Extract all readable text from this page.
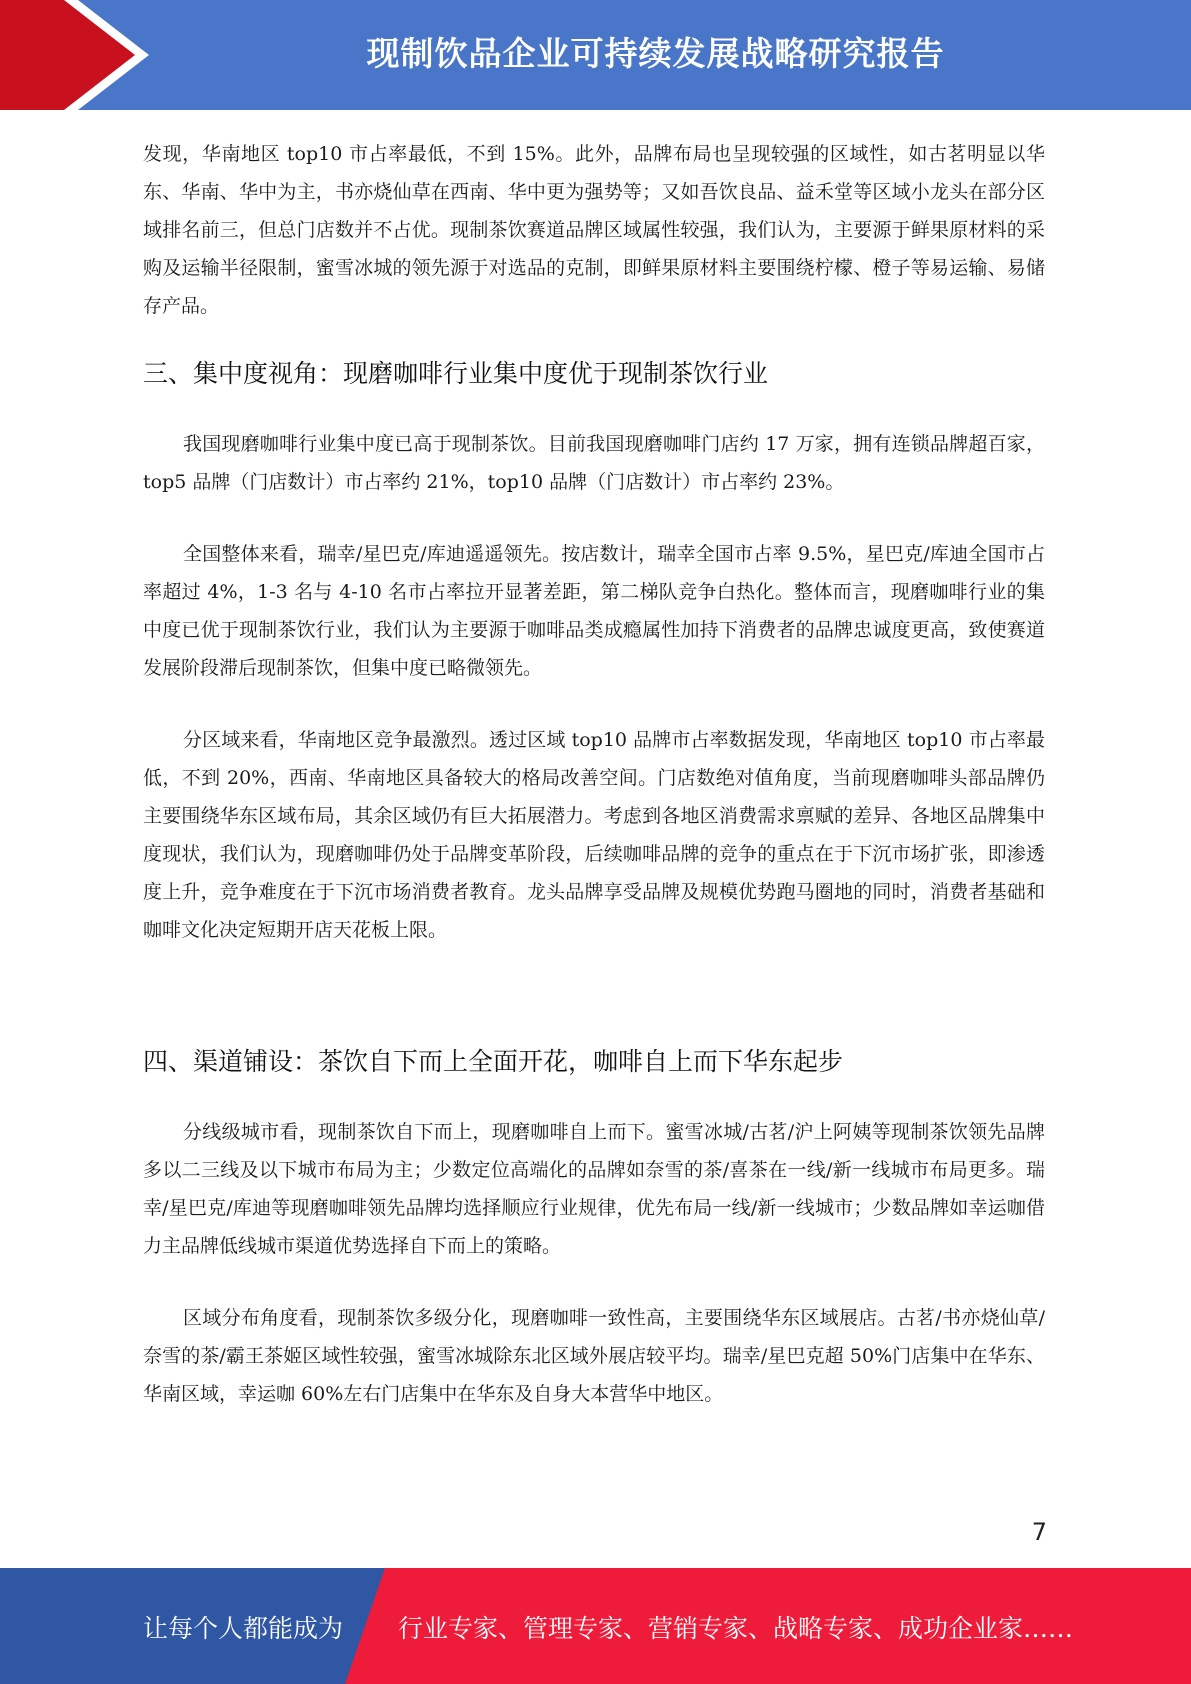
现制饮品企业可持续发展战略研究报告

发现，华南地区 top10 市占率最低，不到 15%。此外，品牌布局也呈现较强的区域性，如古茗明显以华东、华南、华中为主，书亦烧仙草在西南、华中更为强势等；又如吾饮良品、益禾堂等区域小龙头在部分区域排名前三，但总门店数并不占优。现制茶饮赛道品牌区域属性较强，我们认为，主要源于鲜果原材料的采购及运输半径限制，蜜雪冰城的领先源于对选品的克制，即鲜果原材料主要围绕柠檬、橙子等易运输、易储存产品。

三、集中度视角：现磨咖啡行业集中度优于现制茶饮行业

我国现磨咖啡行业集中度已高于现制茶饮。目前我国现磨咖啡门店约 17 万家，拥有连锁品牌超百家，top5 品牌（门店数计）市占率约 21%，top10 品牌（门店数计）市占率约 23%。

全国整体来看，瑞幸/星巴克/库迪遥遥领先。按店数计，瑞幸全国市占率 9.5%，星巴克/库迪全国市占率超过 4%，1-3 名与 4-10 名市占率拉开显著差距，第二梯队竞争白热化。整体而言，现磨咖啡行业的集中度已优于现制茶饮行业，我们认为主要源于咖啡品类成瘾属性加持下消费者的品牌忠诚度更高，致使赛道发展阶段滞后现制茶饮，但集中度已略微领先。

分区域来看，华南地区竞争最激烈。透过区域 top10 品牌市占率数据发现，华南地区 top10 市占率最低，不到 20%，西南、华南地区具备较大的格局改善空间。门店数绝对值角度，当前现磨咖啡头部品牌仍主要围绕华东区域布局，其余区域仍有巨大拓展潜力。考虑到各地区消费需求禀赋的差异、各地区品牌集中度现状，我们认为，现磨咖啡仍处于品牌变革阶段，后续咖啡品牌的竞争的重点在于下沉市场扩张，即渗透度上升，竞争难度在于下沉市场消费者教育。龙头品牌享受品牌及规模优势跑马圈地的同时，消费者基础和咖啡文化决定短期开店天花板上限。

四、渠道铺设：茶饮自下而上全面开花，咖啡自上而下华东起步

分线级城市看，现制茶饮自下而上，现磨咖啡自上而下。蜜雪冰城/古茗/沪上阿姨等现制茶饮领先品牌多以二三线及以下城市布局为主；少数定位高端化的品牌如奈雪的茶/喜茶在一线/新一线城市布局更多。瑞幸/星巴克/库迪等现磨咖啡领先品牌均选择顺应行业规律，优先布局一线/新一线城市；少数品牌如幸运咖借力主品牌低线城市渠道优势选择自下而上的策略。

区域分布角度看，现制茶饮多级分化，现磨咖啡一致性高，主要围绕华东区域展店。古茗/书亦烧仙草/奈雪的茶/霸王茶姬区域性较强，蜜雪冰城除东北区域外展店较平均。瑞幸/星巴克超 50%门店集中在华东、华南区域，幸运咖 60%左右门店集中在华东及自身大本营华中地区。

7
让每个人都能成为 行业专家、管理专家、营销专家、战略专家、成功企业家……
